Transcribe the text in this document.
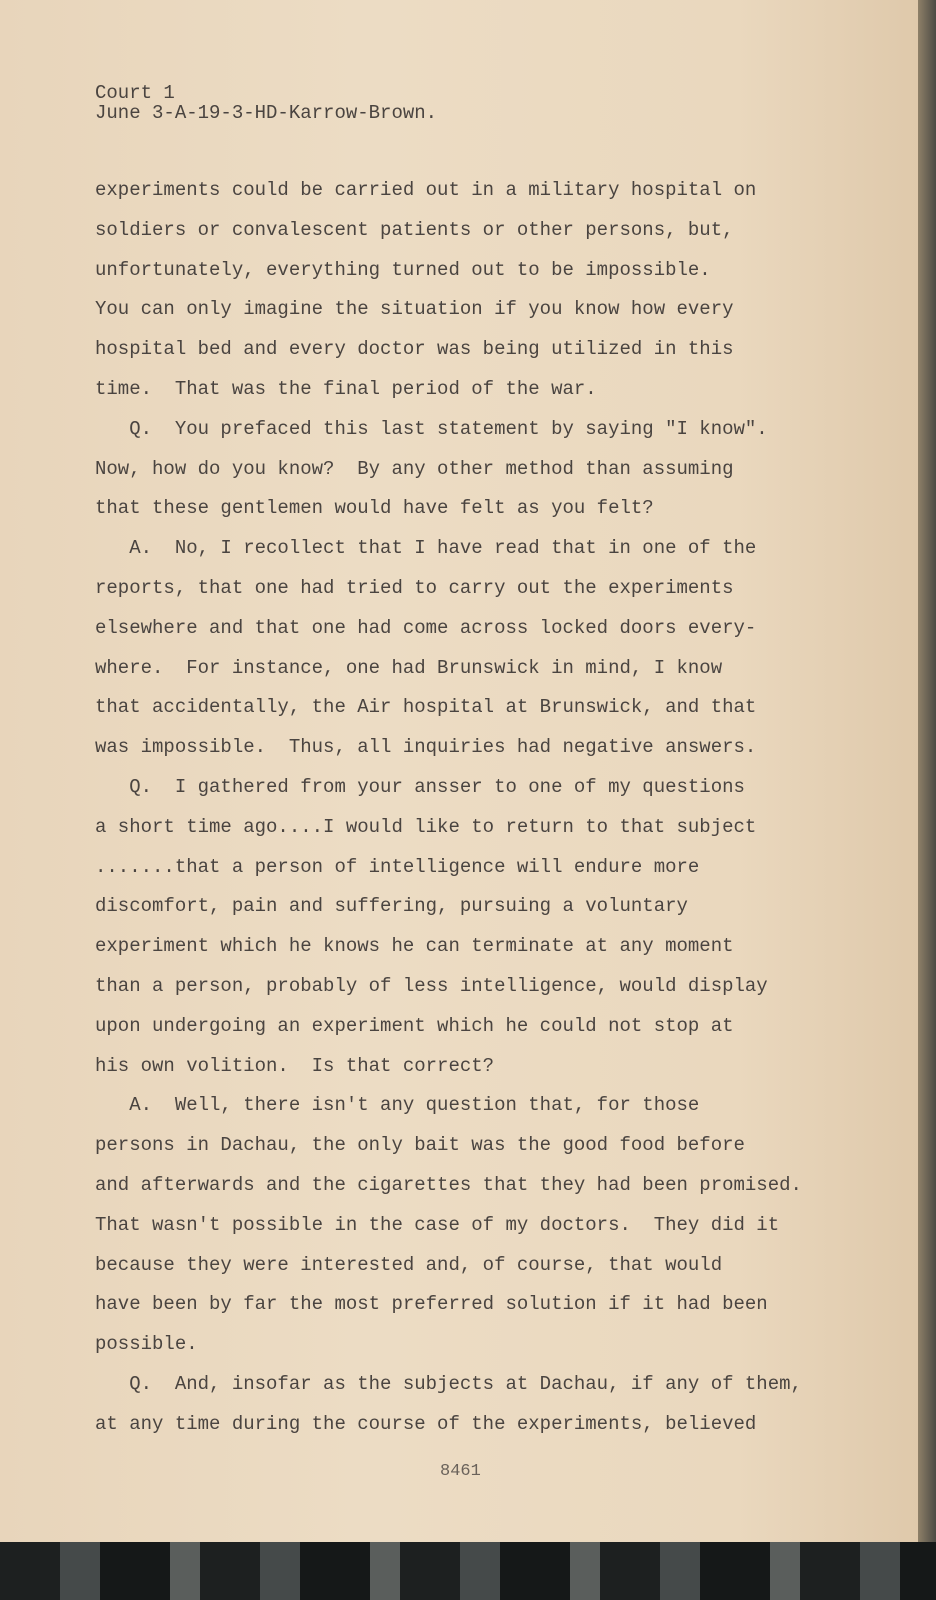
Court 1
June 3-A-19-3-HD-Karrow-Brown.
experiments could be carried out in a military hospital on
soldiers or convalescent patients or other persons, but,
unfortunately, everything turned out to be impossible.
You can only imagine the situation if you know how every
hospital bed and every doctor was being utilized in this
time.  That was the final period of the war.
Q.  You prefaced this last statement by saying "I know".
Now, how do you know?  By any other method than assuming
that these gentlemen would have felt as you felt?
A.  No, I recollect that I have read that in one of the
reports, that one had tried to carry out the experiments
elsewhere and that one had come across locked doors every-
where.  For instance, one had Brunswick in mind, I know
that accidentally, the Air hospital at Brunswick, and that
was impossible.  Thus, all inquiries had negative answers.
Q.  I gathered from your ansser to one of my questions
a short time ago....I would like to return to that subject
.......that a person of intelligence will endure more
discomfort, pain and suffering, pursuing a voluntary
experiment which he knows he can terminate at any moment
than a person, probably of less intelligence, would display
upon undergoing an experiment which he could not stop at
his own volition.  Is that correct?
A.  Well, there isn't any question that, for those
persons in Dachau, the only bait was the good food before
and afterwards and the cigarettes that they had been promised.
That wasn't possible in the case of my doctors.  They did it
because they were interested and, of course, that would
have been by far the most preferred solution if it had been
possible.
Q.  And, insofar as the subjects at Dachau, if any of them,
at any time during the course of the experiments, believed
8461
